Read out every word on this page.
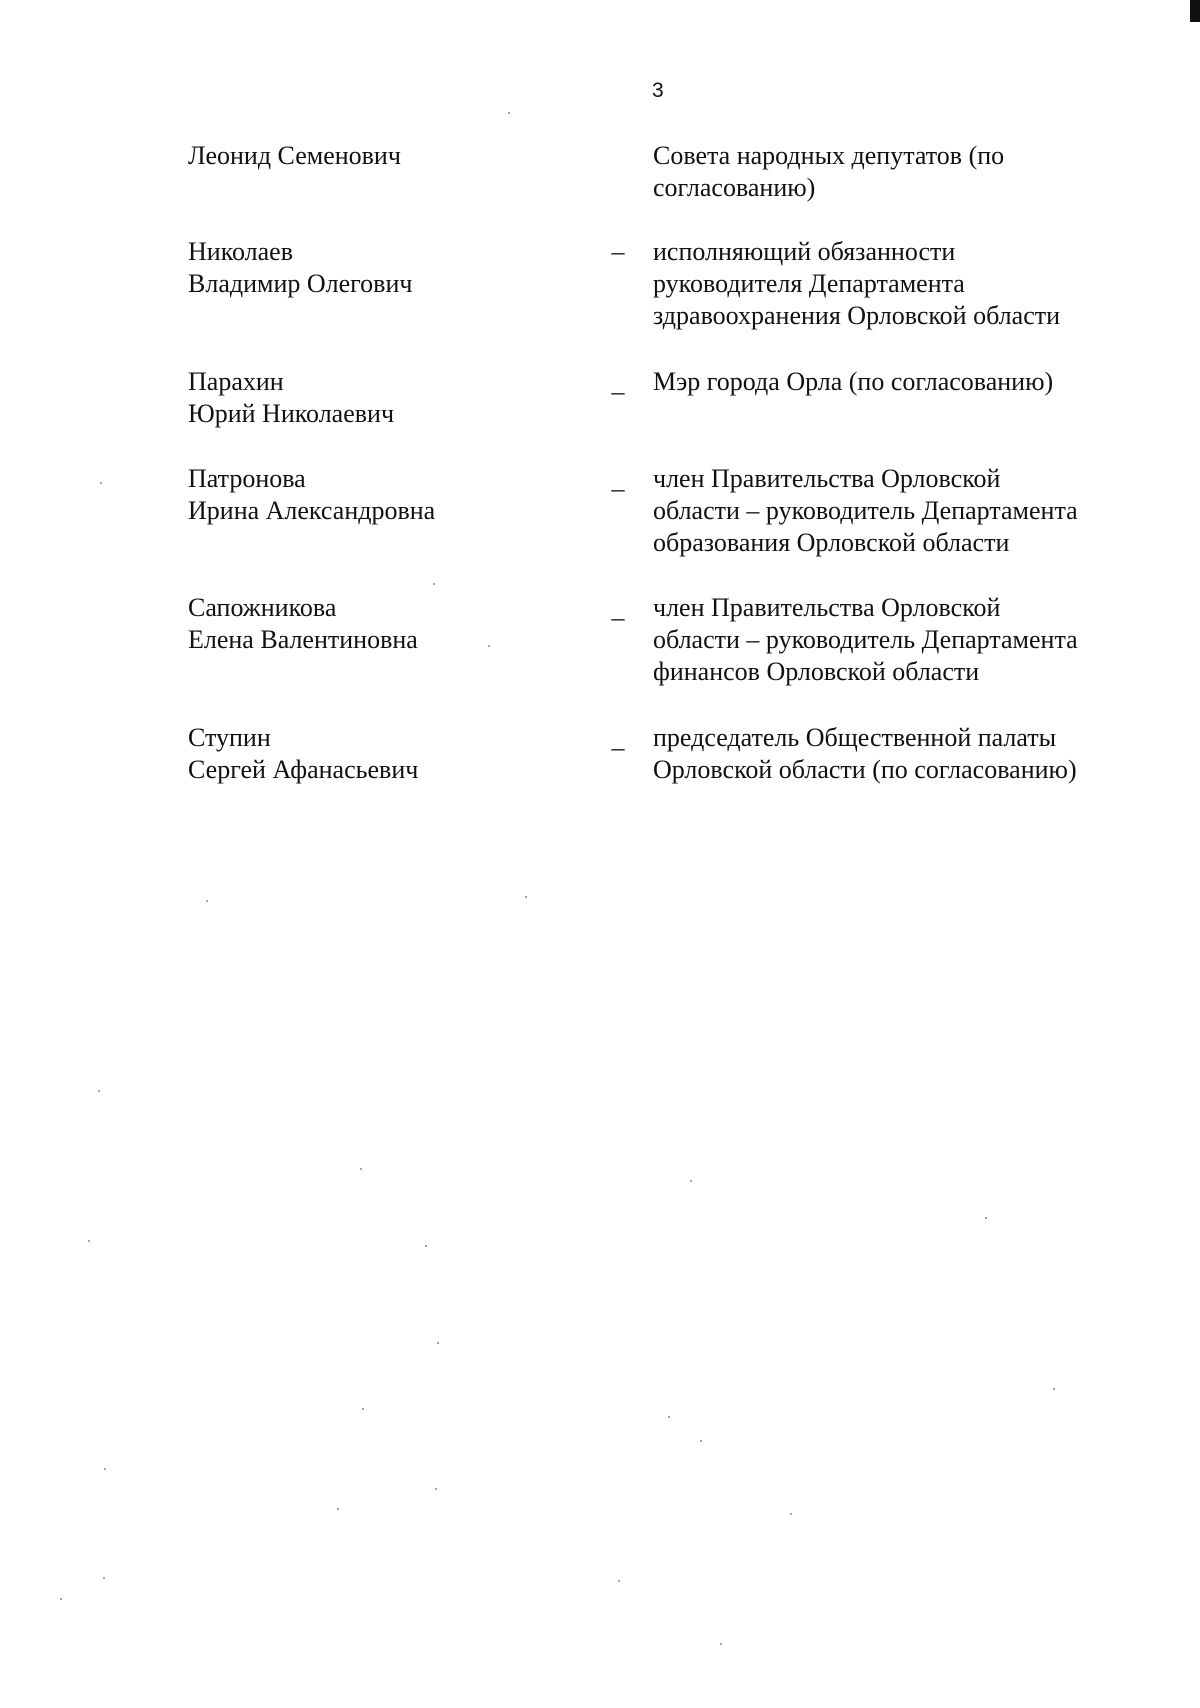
3
Леонид Семенович	Совета народных депутатов (по
согласованию)
Николаев
Владимир Олегович
– исполняющий обязанности
руководителя Департамента
здравоохранения Орловской области
Парахин
Юрий Николаевич
– Мэр города Орла (по согласованию)
Патронова
Ирина Александровна
– член Правительства Орловской
области – руководитель Департамента
образования Орловской области
Сапожникова
Елена Валентиновна
– член Правительства Орловской
области – руководитель Департамента
финансов Орловской области
Ступин
Сергей Афанасьевич
– председатель Общественной палаты
Орловской области (по согласованию)
